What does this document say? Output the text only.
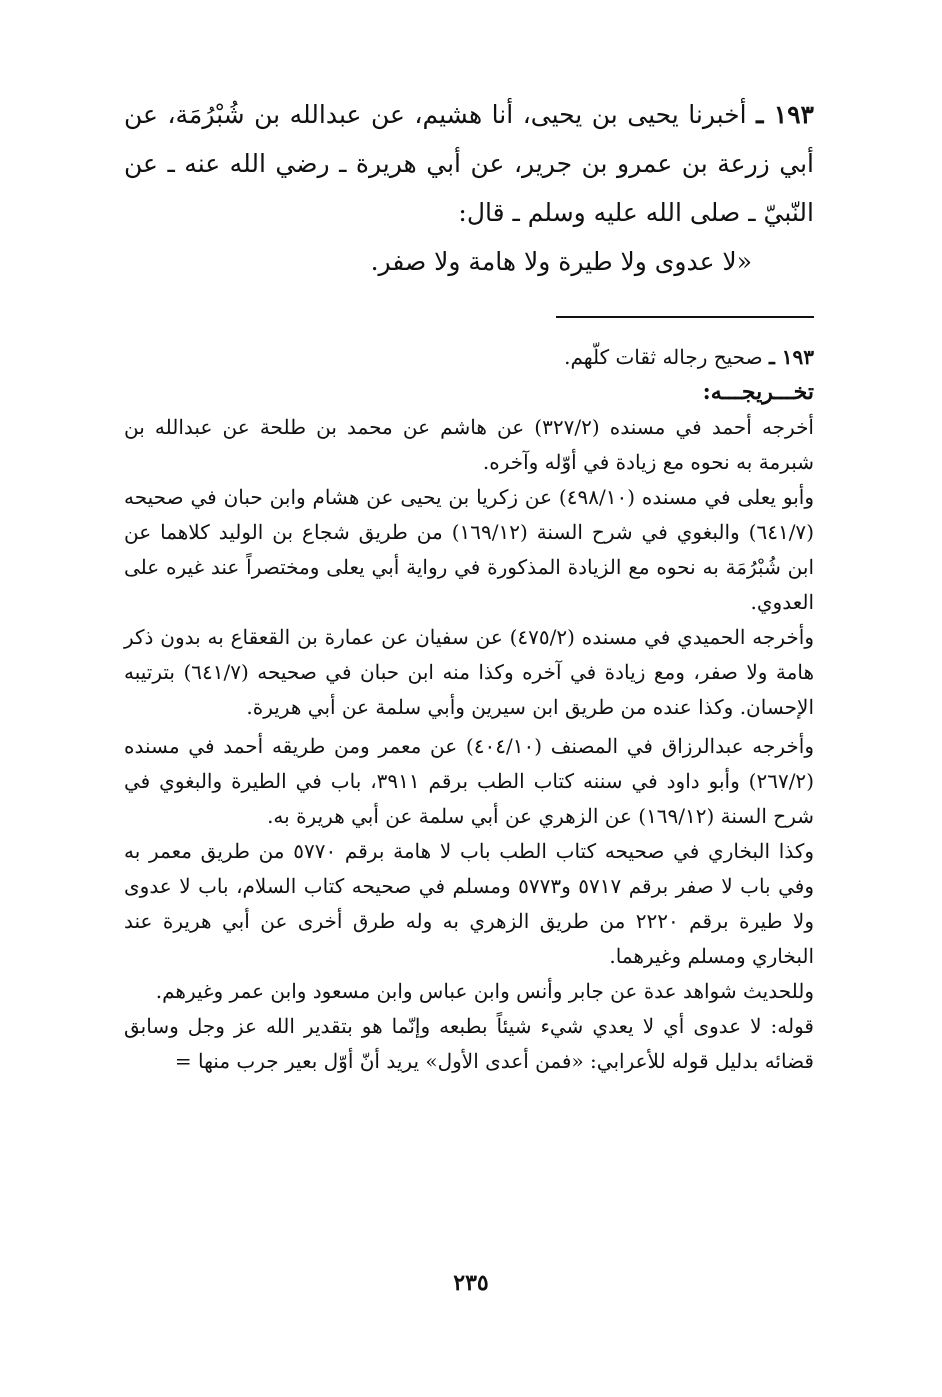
١٩٣ ـ أخبرنا يحيى بن يحيى، أنا هشيم، عن عبدالله بن شُبْرُمَة، عن أبي زرعة بن عمرو بن جرير، عن أبي هريرة ـ رضي الله عنه ـ عن النّبيّ ـ صلى الله عليه وسلم ـ قال:

«لا عدوى ولا طيرة ولا هامة ولا صفر.

١٩٣ ـ صحيح رجاله ثقات كلّهم.

تخـــريجـــه:

أخرجه أحمد في مسنده (٣٢٧/٢) عن هاشم عن محمد بن طلحة عن عبدالله بن شبرمة به نحوه مع زيادة في أوّله وآخره.

وأبو يعلى في مسنده (٤٩٨/١٠) عن زكريا بن يحيى عن هشام وابن حبان في صحيحه (٦٤١/٧) والبغوي في شرح السنة (١٦٩/١٢) من طريق شجاع بن الوليد كلاهما عن ابن شُبْرُمَة به نحوه مع الزيادة المذكورة في رواية أبي يعلى ومختصراً عند غيره على العدوي.

وأخرجه الحميدي في مسنده (٤٧٥/٢) عن سفيان عن عمارة بن القعقاع به بدون ذكر هامة ولا صفر، ومع زيادة في آخره وكذا منه ابن حبان في صحيحه (٦٤١/٧) بترتيبه الإحسان. وكذا عنده من طريق ابن سيرين وأبي سلمة عن أبي هريرة.

وأخرجه عبدالرزاق في المصنف (٤٠٤/١٠) عن معمر ومن طريقه أحمد في مسنده (٢٦٧/٢) وأبو داود في سننه كتاب الطب برقم ٣٩١١، باب في الطيرة والبغوي في شرح السنة (١٦٩/١٢) عن الزهري عن أبي سلمة عن أبي هريرة به.

وكذا البخاري في صحيحه كتاب الطب باب لا هامة برقم ٥٧٧٠ من طريق معمر به وفي باب لا صفر برقم ٥٧١٧ و٥٧٧٣ ومسلم في صحيحه كتاب السلام، باب لا عدوى ولا طيرة برقم ٢٢٢٠ من طريق الزهري به وله طرق أخرى عن أبي هريرة عند البخاري ومسلم وغيرهما.

وللحديث شواهد عدة عن جابر وأنس وابن عباس وابن مسعود وابن عمر وغيرهم.

قوله: لا عدوى أي لا يعدي شيء شيئاً بطبعه وإنّما هو بتقدير الله عز وجل وسابق قضائه بدليل قوله للأعرابي: «فمن أعدى الأول» يريد أنّ أوّل بعير جرب منها =

٢٣٥
